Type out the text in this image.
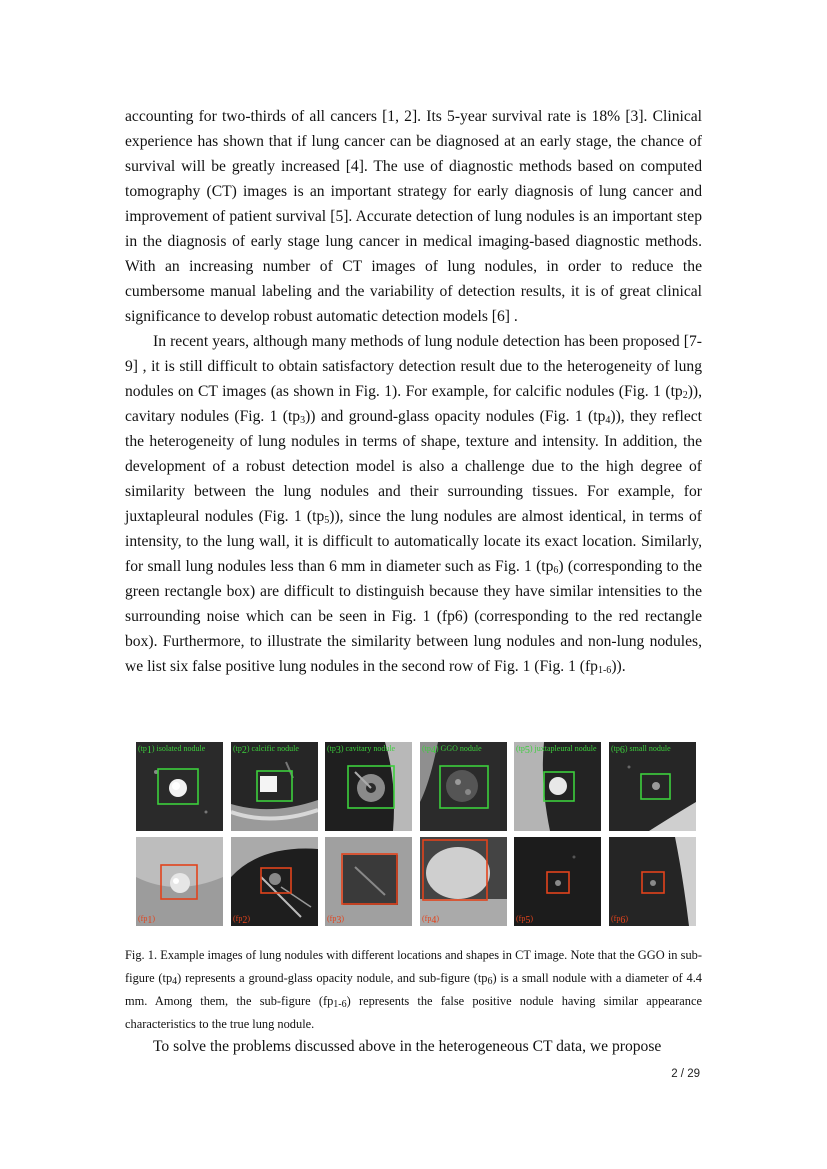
accounting for two-thirds of all cancers [1, 2]. Its 5-year survival rate is 18% [3]. Clinical experience has shown that if lung cancer can be diagnosed at an early stage, the chance of survival will be greatly increased [4]. The use of diagnostic methods based on computed tomography (CT) images is an important strategy for early diagnosis of lung cancer and improvement of patient survival [5]. Accurate detection of lung nodules is an important step in the diagnosis of early stage lung cancer in medical imaging-based diagnostic methods. With an increasing number of CT images of lung nodules, in order to reduce the cumbersome manual labeling and the variability of detection results, it is of great clinical significance to develop robust automatic detection models [6] .

In recent years, although many methods of lung nodule detection has been proposed [7-9] , it is still difficult to obtain satisfactory detection result due to the heterogeneity of lung nodules on CT images (as shown in Fig. 1). For example, for calcific nodules (Fig. 1 $(tp_2)$), cavitary nodules (Fig. 1 $(tp_3)$) and ground-glass opacity nodules (Fig. 1 $(tp_4)$), they reflect the heterogeneity of lung nodules in terms of shape, texture and intensity. In addition, the development of a robust detection model is also a challenge due to the high degree of similarity between the lung nodules and their surrounding tissues. For example, for juxtapleural nodules (Fig. 1 $(tp_5)$), since the lung nodules are almost identical, in terms of intensity, to the lung wall, it is difficult to automatically locate its exact location. Similarly, for small lung nodules less than 6 mm in diameter such as Fig. 1 $(tp_6)$ (corresponding to the green rectangle box) are difficult to distinguish because they have similar intensities to the surrounding noise which can be seen in Fig. 1 (fp6) (corresponding to the red rectangle box). Furthermore, to illustrate the similarity between lung nodules and non-lung nodules, we list six false positive lung nodules in the second row of Fig. 1 (Fig. 1 $(fp_{1-6})$).

$(tp_1)$ isolated nodule	$(tp_2)$ calcific nodule	$(tp_3)$ cavitary nodule	$(tp_4)$ GGO nodule	$(tp_5)$ juxtapleural nodule $(tp_6)$ small nodule
$(fp_1)$	$(fp_2)$	$(fp_3)$	$(fp_4)$	$(fp_5)$	$(fp_6)$

Fig. 1. Example images of lung nodules with different locations and shapes in CT image. Note that the GGO in sub-figure $(tp_4)$ represents a ground-glass opacity nodule, and sub-figure $(tp_6)$ is a small nodule with a diameter of 4.4 mm. Among them, the sub-figure $(fp_{1-6})$ represents the false positive nodule having similar appearance characteristics to the true lung nodule.

To solve the problems discussed above in the heterogeneous CT data, we propose
2 / 29
